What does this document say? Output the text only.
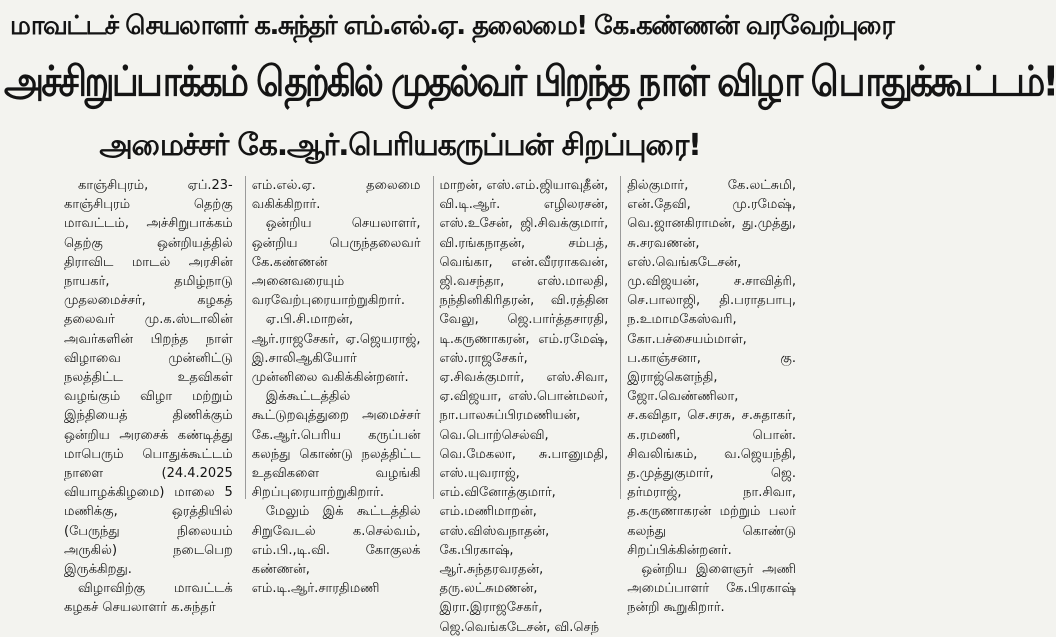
மாவட்டச் செயலாளர் க.சுந்தர் எம்.எல்.ஏ. தலைமை! கே.கண்ணன் வரவேற்புரை
அச்சிறுப்பாக்கம் தெற்கில் முதல்வர் பிறந்த நாள் விழா பொதுக்கூட்டம்!
அமைச்சர் கே.ஆர்.பெரியகருப்பன் சிறப்புரை!

காஞ்சிபுரம், ஏப்.23- காஞ்சிபுரம் தெற்கு மாவட்டம், அச்சிறுபாக்கம் தெற்கு ஒன்றியத்தில் திராவிட மாடல் அரசின் நாயகர், தமிழ்நாடு முதலமைச்சர், கழகத் தலைவர் மு.க.ஸ்டாலின் அவர்களின் பிறந்த நாள் விழாவை முன்னிட்டு நலத்திட்ட உதவிகள் வழங்கும் விழா மற்றும் இந்தியைத் திணிக்கும் ஒன்றிய அரசைக் கண்டித்து மாபெரும் பொதுக்கூட்டம் நாளை (24.4.2025 வியாழக்கிழமை) மாலை 5 மணிக்கு, ஒரத்தியில் (பேருந்து நிலையம் அருகில்) நடைபெற இருக்கிறது.

விழாவிற்கு மாவட்டக் கழகச் செயலாளர் க.சுந்தர்

எம்.எல்.ஏ. தலைமை வகிக்கிறார்.

ஒன்றிய செயலாளர், ஒன்றிய பெருந்தலைவர் கே.கண்ணன் அனைவரையும் வரவேற்புரையாற்றுகிறார்.

ஏ.பி.சி.மாறன், ஆர்.ராஜசேகர், ஏ.ஜெயராஜ், இ.சாலிஆகியோர் முன்னிலை வகிக்கின்றனர்.

இக்கூட்டத்தில் கூட்டுறவுத்துறை அமைச்சர் கே.ஆர்.பெரிய கருப்பன் கலந்து கொண்டு நலத்திட்ட உதவிகளை வழங்கி சிறப்புரையாற்றுகிறார்.

மேலும் இக் கூட்டத்தில் சிறுவேடல் க.செல்வம், எம்.பி.,டி.வி. கோகுலக் கண்ணன், எம்.டி.ஆர்.சாரதிமணி

மாறன், எஸ்.எம்.ஜியாவுதீன், வி.டி.ஆர். எழிலரசன், எஸ்.உசேன், ஜி.சிவக்குமார், வி.ரங்கநாதன், சம்பத், வெங்கா, என்.வீரராகவன், ஜி.வசந்தா, எஸ்.மாலதி, நந்தினிகிரிதரன், வி.ரத்தின வேலு, ஜெ.பார்த்தசாரதி, டி.கருணாகரன், எம்.ரமேஷ், எஸ்.ராஜசேகர், ஏ.சிவக்குமார், எஸ்.சிவா, ஏ.விஜயா, எஸ்.பொன்மலர், நா.பாலசுப்பிரமணியன், வெ.பொற்செல்வி, வெ.மேகலா, சு.பானுமதி, எஸ்.யுவராஜ், எம்.வினோத்குமார், எம்.மணிமாறன், எஸ்.விஸ்வநாதன், கே.பிரகாஷ், ஆர்.சுந்தரவரதன், தரு.லட்சுமணன், இரா.இராஜசேகர், ஜெ.வெங்கடேசன், வி.செந்

தில்குமார், கே.லட்சுமி, என்.தேவி, மு.ரமேஷ், வெ.ஜானகிராமன், து.முத்து, சு.சரவணன், எஸ்.வெங்கடேசன், மு.விஜயன், ச.சாவித்ரி, செ.பாலாஜி, தி.பராதபாபு, ந.உமாமகேஸ்வரி, கோ.பச்சையம்மாள், ப.காஞ்சனா, கு. இராஜ்கௌந்தி, ஜோ.வெண்ணிலா, ச.கவிதா, செ.சரசு, ச.சுதாகர், க.ரமணி, பொன். சிவலிங்கம், வ.ஜெயந்தி, த.முத்துகுமார், ஜெ. தர்மராஜ், நா.சிவா, த.கருணாகரன் மற்றும் பலர் கலந்து கொண்டு சிறப்பிக்கின்றனர்.

ஒன்றிய இளைஞர் அணி அமைப்பாளர் கே.பிரகாஷ் நன்றி கூறுகிறார்.
